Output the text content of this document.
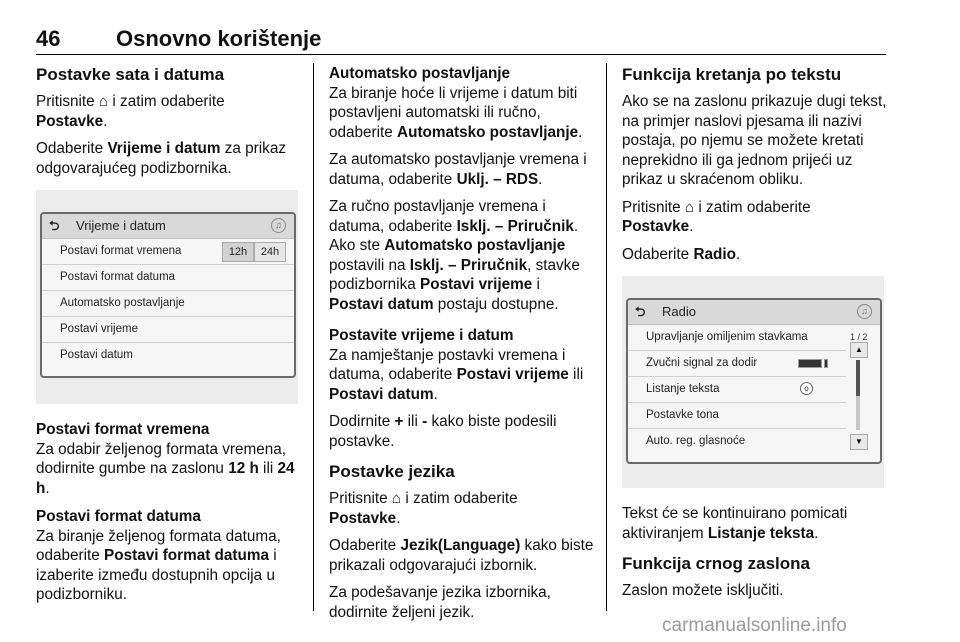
46	Osnovno korištenje
Postavke sata i datuma

Pritisnite ⌂ i zatim odaberite
Postavke.

Odaberite Vrijeme i datum za prikaz odgovarajućeg podizbornika.

⮌ Vrijeme i datum	♫
Postavi format vremena	12h	24h
Postavi format datuma
Automatsko postavljanje
Postavi vrijeme
Postavi datum
Postavi format vremena

Za odabir željenog formata vremena, dodirnite gumbe na zaslonu 12 h ili 24 h.

Postavi format datuma

Za biranje željenog formata datuma, odaberite Postavi format datuma i izaberite između dostupnih opcija u podizborniku.

Automatsko postavljanje

Za biranje hoće li vrijeme i datum biti postavljeni automatski ili ručno, odaberite Automatsko postavljanje.

Za automatsko postavljanje vremena i datuma, odaberite Uklj. – RDS.

Za ručno postavljanje vremena i datuma, odaberite Isklj. – Priručnik. Ako ste Automatsko postavljanje postavili na Isklj. – Priručnik, stavke podizbornika Postavi vrijeme i Postavi datum postaju dostupne.

Postavite vrijeme i datum

Za namještanje postavki vremena i datuma, odaberite Postavi vrijeme ili Postavi datum.

Dodirnite + ili - kako biste podesili postavke.

Postavke jezika

Pritisnite ⌂ i zatim odaberite
Postavke.

Odaberite Jezik(Language) kako biste prikazali odgovarajući izbornik.

Za podešavanje jezika izbornika, dodirnite željeni jezik.

Funkcija kretanja po tekstu

Ako se na zaslonu prikazuje dugi tekst, na primjer naslovi pjesama ili nazivi postaja, po njemu se možete kretati neprekidno ili ga jednom prijeći uz prikaz u skraćenom obliku.

Pritisnite ⌂ i zatim odaberite
Postavke.

Odaberite Radio.

⮌ Radio	♫
Upravljanje omiljenim stavkama
Zvučni signal za dodir
Listanje teksta	o
Postavke tona
Auto. reg. glasnoće
1 / 2
▲
▼

Tekst će se kontinuirano pomicati aktiviranjem Listanje teksta.

Funkcija crnog zaslona

Zaslon možete isključiti.

carmanualsonline.info
